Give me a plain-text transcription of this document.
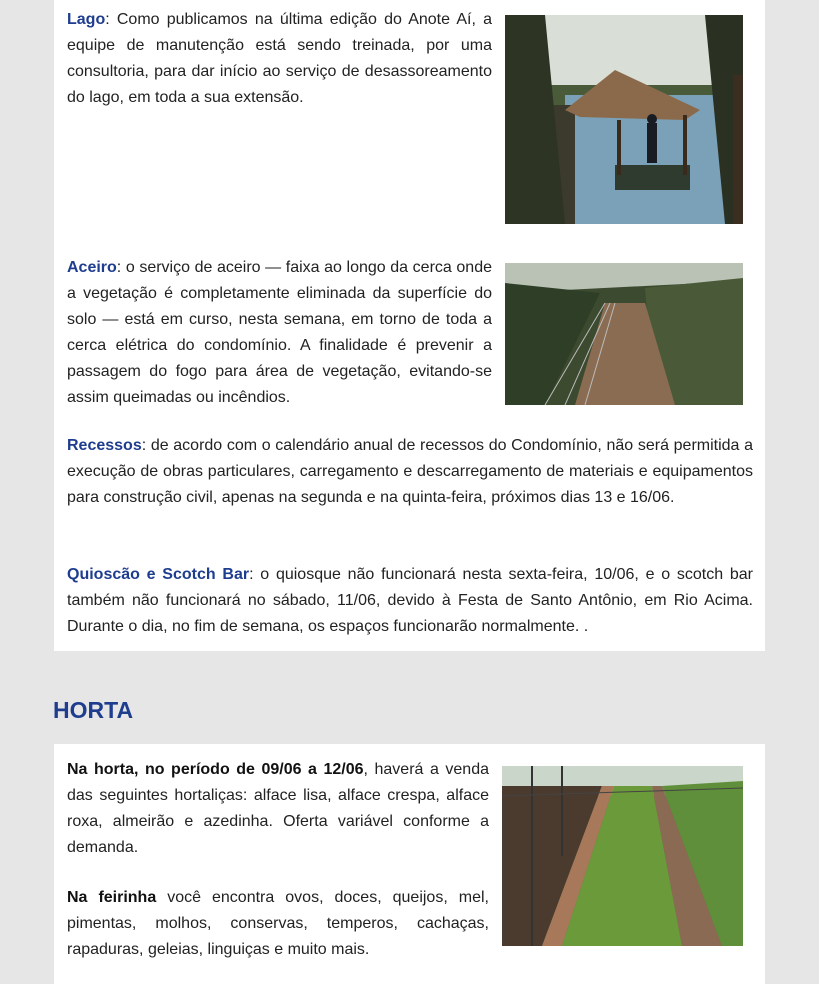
Lago: Como publicamos na última edição do Anote Aí, a equipe de manutenção está sendo treinada, por uma consultoria, para dar início ao serviço de desassoreamento do lago, em toda a sua extensão.

Aceiro: o serviço de aceiro — faixa ao longo da cerca onde a vegetação é completamente eliminada da superfície do solo — está em curso, nesta semana, em torno de toda a cerca elétrica do condomínio. A finalidade é prevenir a passagem do fogo para área de vegetação, evitando-se assim queimadas ou incêndios.

Recessos: de acordo com o calendário anual de recessos do Condomínio, não será permitida a execução de obras particulares, carregamento e descarregamento de materiais e equipamentos para construção civil, apenas na segunda e na quinta-feira, próximos dias 13 e 16/06.

Quioscão e Scotch Bar: o quiosque não funcionará nesta sexta-feira, 10/06, e o scotch bar também não funcionará no sábado, 11/06, devido à Festa de Santo Antônio, em Rio Acima. Durante o dia, no fim de semana, os espaços funcionarão normalmente. .

HORTA

Na horta, no período de 09/06 a 12/06, haverá a venda das seguintes hortaliças: alface lisa, alface crespa, alface roxa, almeirão e azedinha. Oferta variável conforme a demanda.

Na feirinha você encontra ovos, doces, queijos, mel, pimentas, molhos, conservas, temperos, cachaças, rapaduras, geleias, linguiças e muito mais.
